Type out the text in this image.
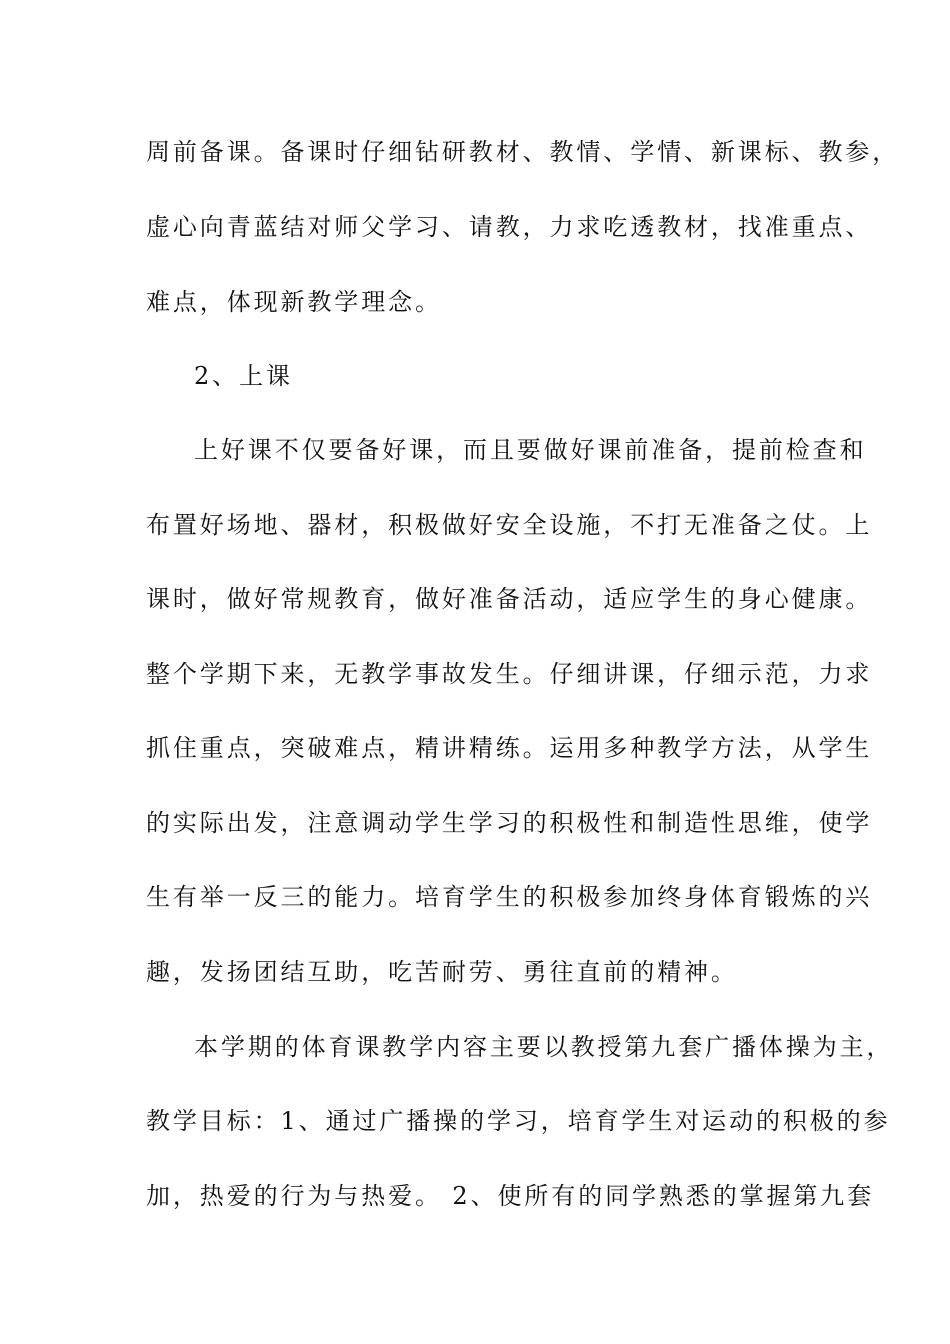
周前备课。备课时仔细钻研教材、教情、学情、新课标、教参，
虚心向青蓝结对师父学习、请教，力求吃透教材，找准重点、
难点，体现新教学理念。
2、上课
上好课不仅要备好课，而且要做好课前准备，提前检查和
布置好场地、器材，积极做好安全设施，不打无准备之仗。上
课时，做好常规教育，做好准备活动，适应学生的身心健康。
整个学期下来，无教学事故发生。仔细讲课，仔细示范，力求
抓住重点，突破难点，精讲精练。运用多种教学方法，从学生
的实际出发，注意调动学生学习的积极性和制造性思维，使学
生有举一反三的能力。培育学生的积极参加终身体育锻炼的兴
趣，发扬团结互助，吃苦耐劳、勇往直前的精神。
本学期的体育课教学内容主要以教授第九套广播体操为主，
教学目标：1、通过广播操的学习，培育学生对运动的积极的参
加，热爱的行为与热爱。 2、使所有的同学熟悉的掌握第九套
